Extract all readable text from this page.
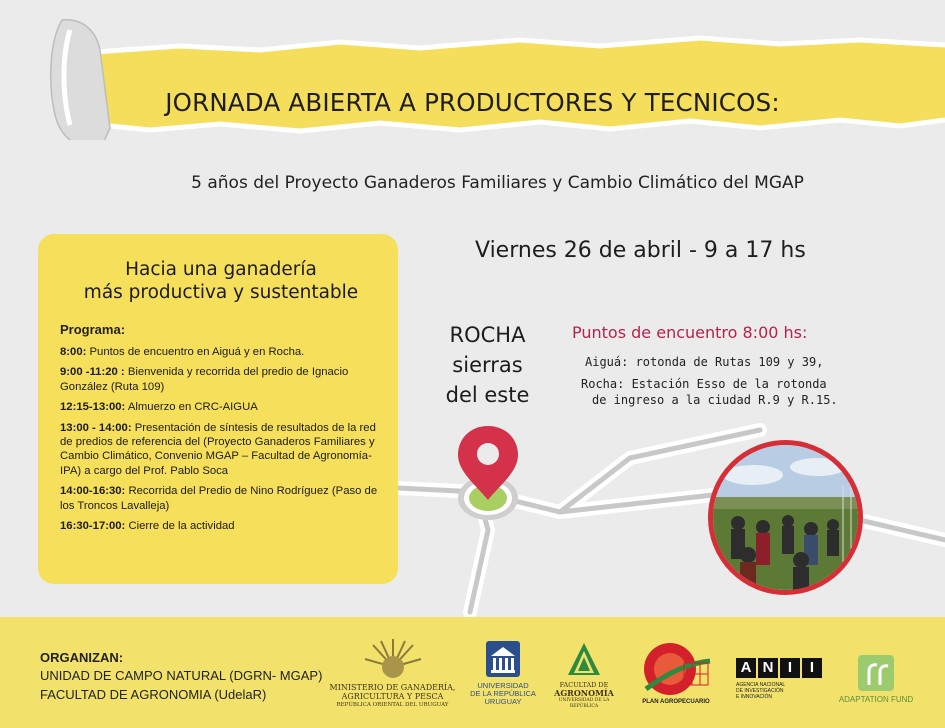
JORNADA ABIERTA A PRODUCTORES Y TECNICOS:
5 años del Proyecto Ganaderos Familiares y Cambio Climático del MGAP
Hacia una ganadería
más productiva y sustentable
Programa:
8:00: Puntos de encuentro en Aiguá y en Rocha.
9:00 -11:20 : Bienvenida y recorrida del predio de Ignacio González (Ruta 109)
12:15-13:00: Almuerzo en CRC-AIGUA
13:00 - 14:00: Presentación de síntesis de resultados de la red de predios de referencia del (Proyecto Ganaderos Familiares y Cambio Climático, Convenio MGAP – Facultad de Agronomía-IPA) a cargo del Prof. Pablo Soca
14:00-16:30: Recorrida del Predio de Nino Rodríguez (Paso de los Troncos Lavalleja)
16:30-17:00: Cierre de la actividad
Viernes 26 de abril - 9 a 17 hs
ROCHA
sierras
del este
Puntos de encuentro 8:00 hs:
Aiguá: rotonda de Rutas 109 y 39,
Rocha: Estación Esso de la rotonda
de ingreso a la ciudad R.9 y R.15.
ORGANIZAN:
UNIDAD DE CAMPO NATURAL (DGRN- MGAP)
FACULTAD DE AGRONOMIA (UdelaR)	MINISTERIO DE GANADERÍA,
AGRICULTURA Y PESCA
REPÚBLICA ORIENTAL DEL URUGUAY
UNIVERSIDAD
DE LA REPÚBLICA
URUGUAY
FACULTAD DE
AGRONOMÍA
UNIVERSIDAD DE LA REPÚBLICA
PLAN AGROPECUARIO
A N I	I
AGENCIA NACIONAL
DE INVESTIGACIÓN
E INNOVACIÓN	ADAPTATION FUND
